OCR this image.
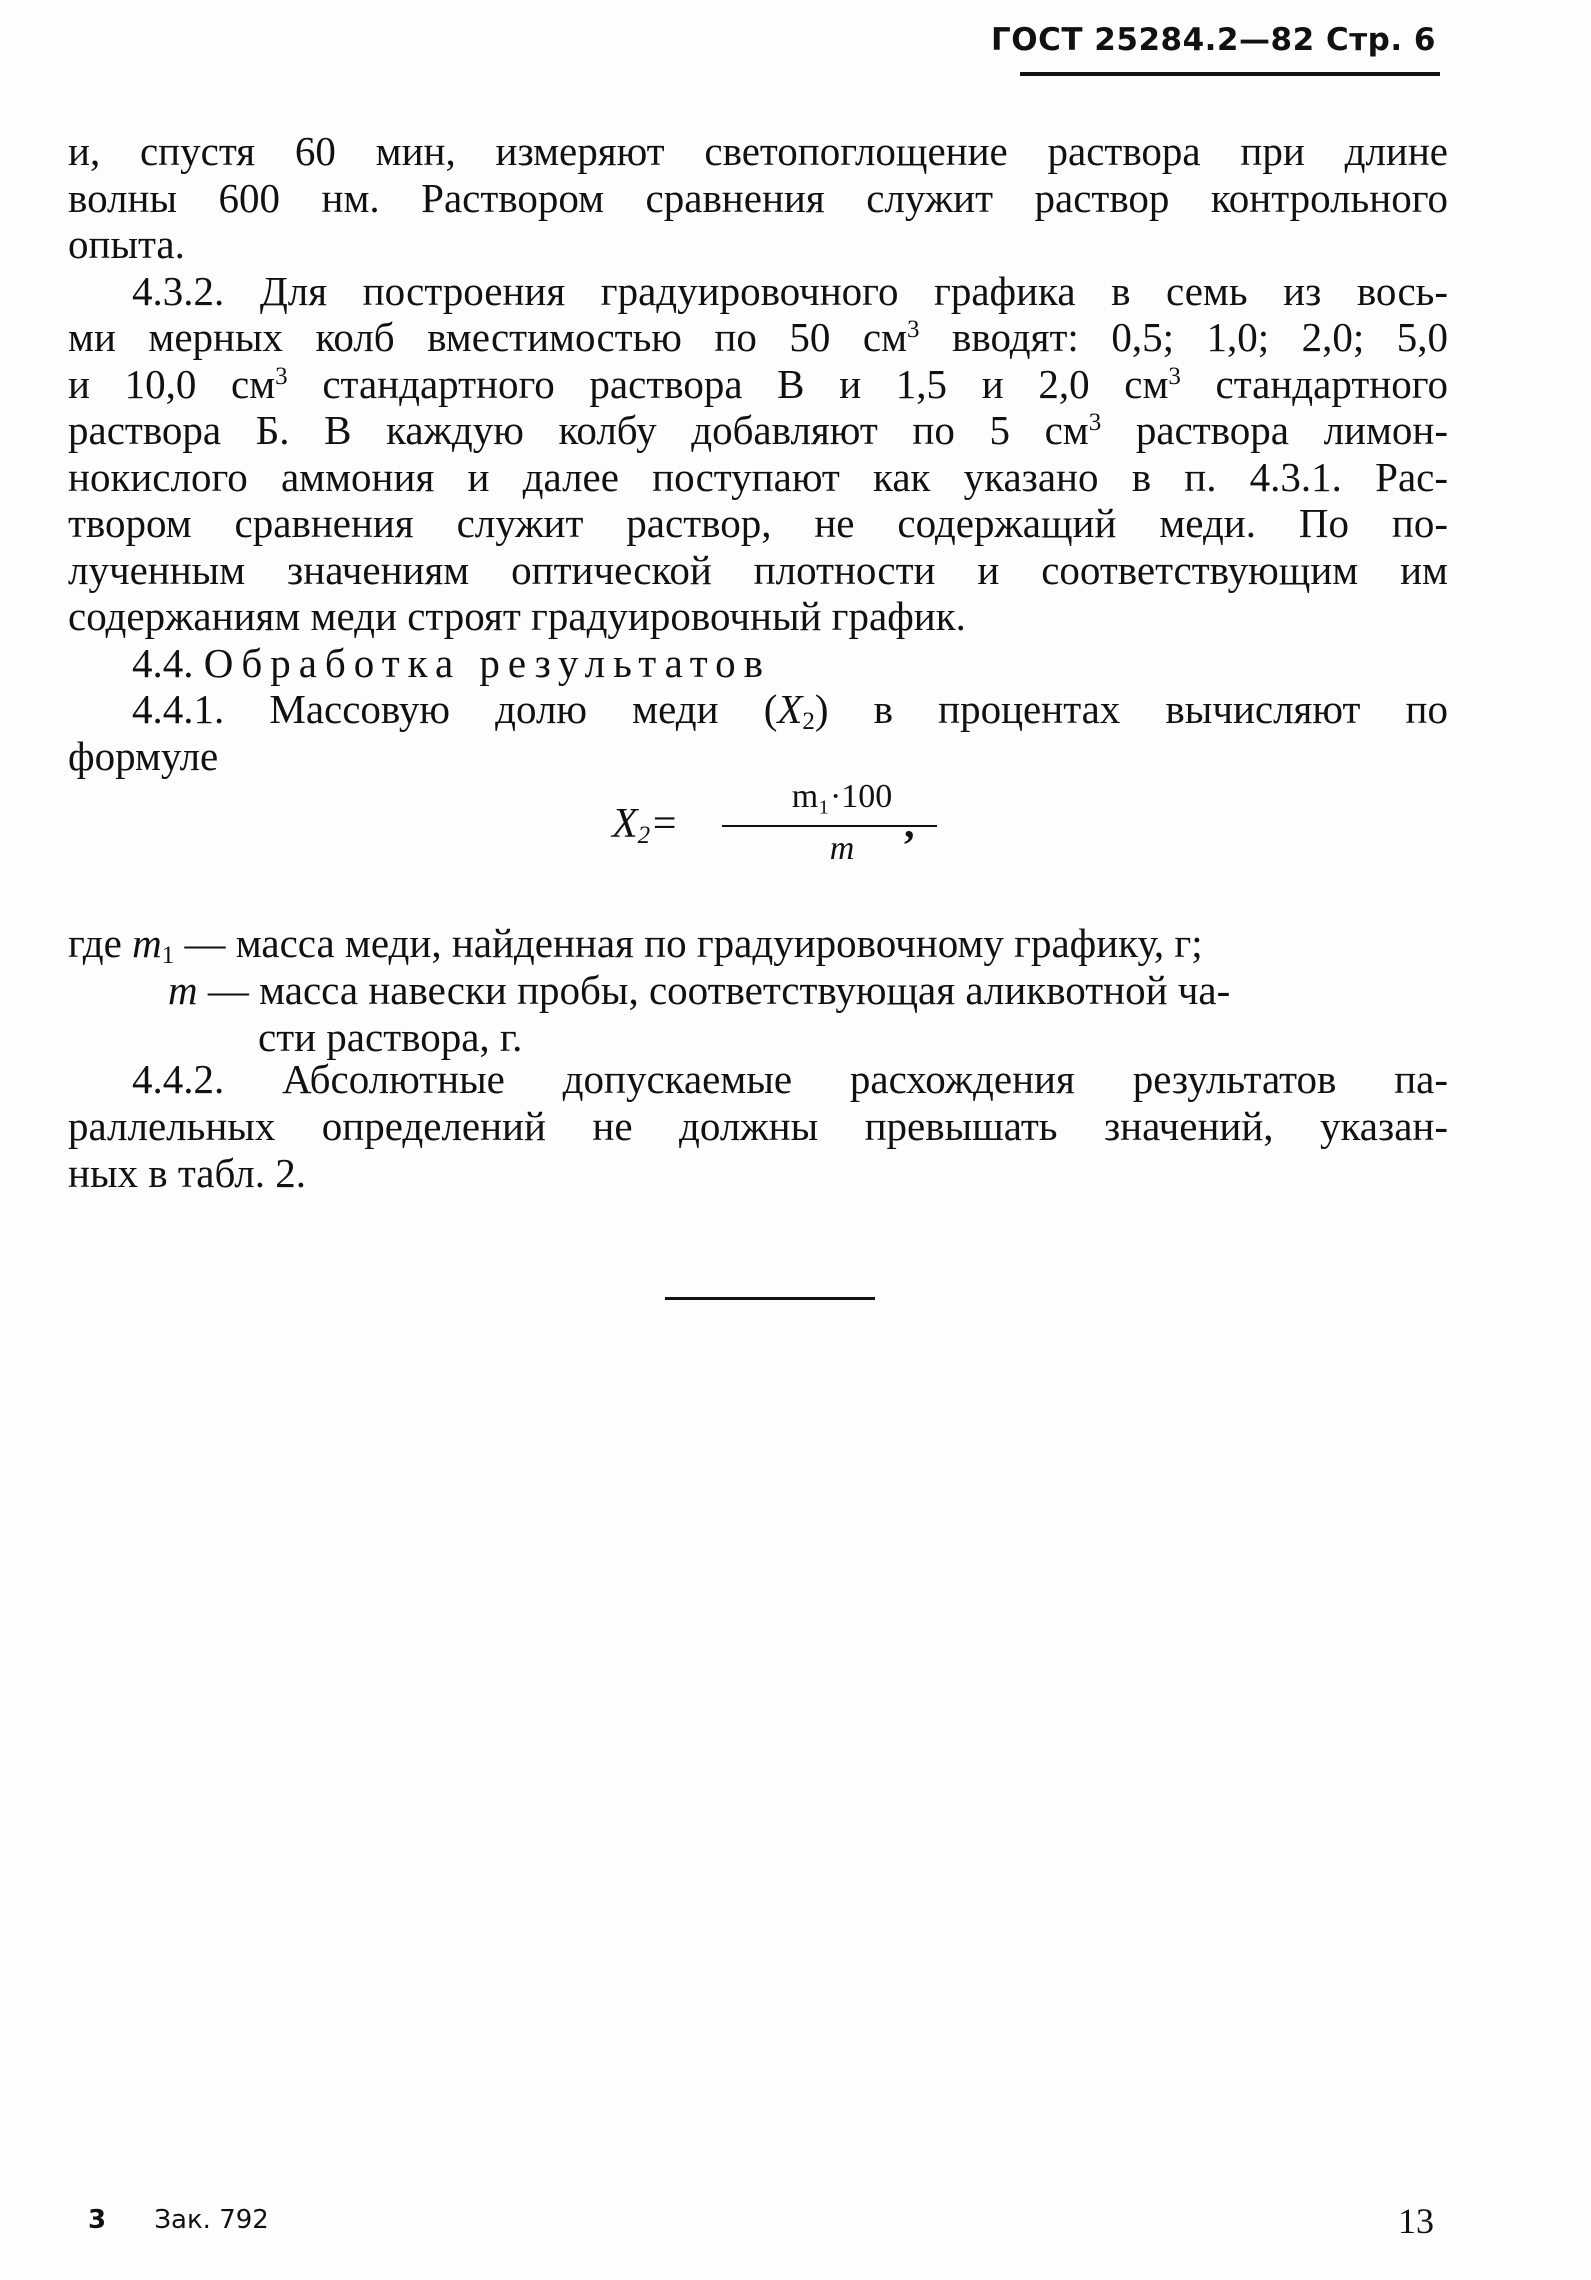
ГОСТ 25284.2—82 Стр. 6
и, спустя 60 мин, измеряют светопоглощение раствора при длине
волны 600 нм. Раствором сравнения служит раствор контрольного
опыта.
4.3.2. Для построения градуировочного графика в семь из вось-
ми мерных колб вместимостью по 50 $см^3$ вводят: 0,5; 1,0; 2,0; 5,0
и 10,0 $см^3$ стандартного раствора В и 1,5 и 2,0 $см^3$ стандартного
раствора Б. В каждую колбу добавляют по 5 $см^3$ раствора лимон-
нокислого аммония и далее поступают как указано в п. 4.3.1. Рас-
твором сравнения служит раствор, не содержащий меди. По по-
лученным значениям оптической плотности и соответствующим им
содержаниям меди строят градуировочный график.
4.4. Обработка результатов
4.4.1. Массовую долю меди $(X_2)$ в процентах вычисляют по
формуле
$X_2=$
m₁·100
m
,
где $m_1$ — масса меди, найденная по градуировочному графику, г;
m — масса навески пробы, соответствующая аликвотной ча-
сти раствора, г.
4.4.2. Абсолютные допускаемые расхождения результатов па-
раллельных определений не должны превышать значений, указан-
ных в табл. 2.
3 Зак. 792	13
